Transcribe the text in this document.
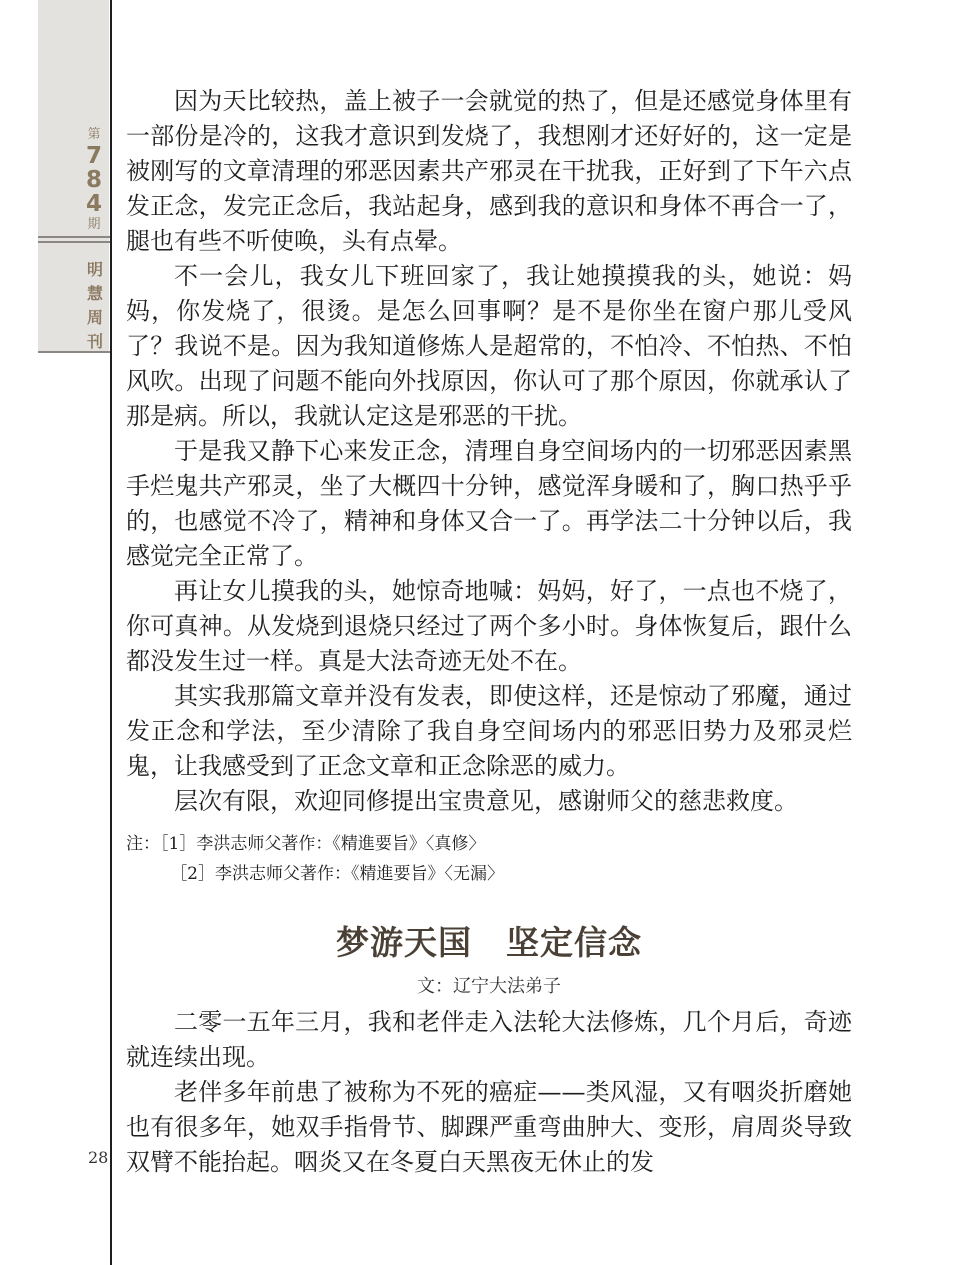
第
7
8
4
期
明
慧
周
刊
28

因为天比较热，盖上被子一会就觉的热了，但是还感觉身体里有一部份是冷的，这我才意识到发烧了，我想刚才还好好的，这一定是被刚写的文章清理的邪恶因素共产邪灵在干扰我，正好到了下午六点发正念，发完正念后，我站起身，感到我的意识和身体不再合一了，腿也有些不听使唤，头有点晕。

不一会儿，我女儿下班回家了，我让她摸摸我的头，她说：妈妈，你发烧了，很烫。是怎么回事啊？是不是你坐在窗户那儿受风了？我说不是。因为我知道修炼人是超常的，不怕冷、不怕热、不怕风吹。出现了问题不能向外找原因，你认可了那个原因，你就承认了那是病。所以，我就认定这是邪恶的干扰。

于是我又静下心来发正念，清理自身空间场内的一切邪恶因素黑手烂鬼共产邪灵，坐了大概四十分钟，感觉浑身暖和了，胸口热乎乎的，也感觉不冷了，精神和身体又合一了。再学法二十分钟以后，我感觉完全正常了。

再让女儿摸我的头，她惊奇地喊：妈妈，好了，一点也不烧了，你可真神。从发烧到退烧只经过了两个多小时。身体恢复后，跟什么都没发生过一样。真是大法奇迹无处不在。

其实我那篇文章并没有发表，即使这样，还是惊动了邪魔，通过发正念和学法，至少清除了我自身空间场内的邪恶旧势力及邪灵烂鬼，让我感受到了正念文章和正念除恶的威力。

层次有限，欢迎同修提出宝贵意见，感谢师父的慈悲救度。

注：［1］李洪志师父著作：《精進要旨》〈真修〉
［2］李洪志师父著作：《精進要旨》〈无漏〉
梦游天国　坚定信念
文：辽宁大法弟子

二零一五年三月，我和老伴走入法轮大法修炼，几个月后，奇迹就连续出现。

老伴多年前患了被称为不死的癌症——类风湿，又有咽炎折磨她也有很多年，她双手指骨节、脚踝严重弯曲肿大、变形，肩周炎导致双臂不能抬起。咽炎又在冬夏白天黑夜无休止的发
